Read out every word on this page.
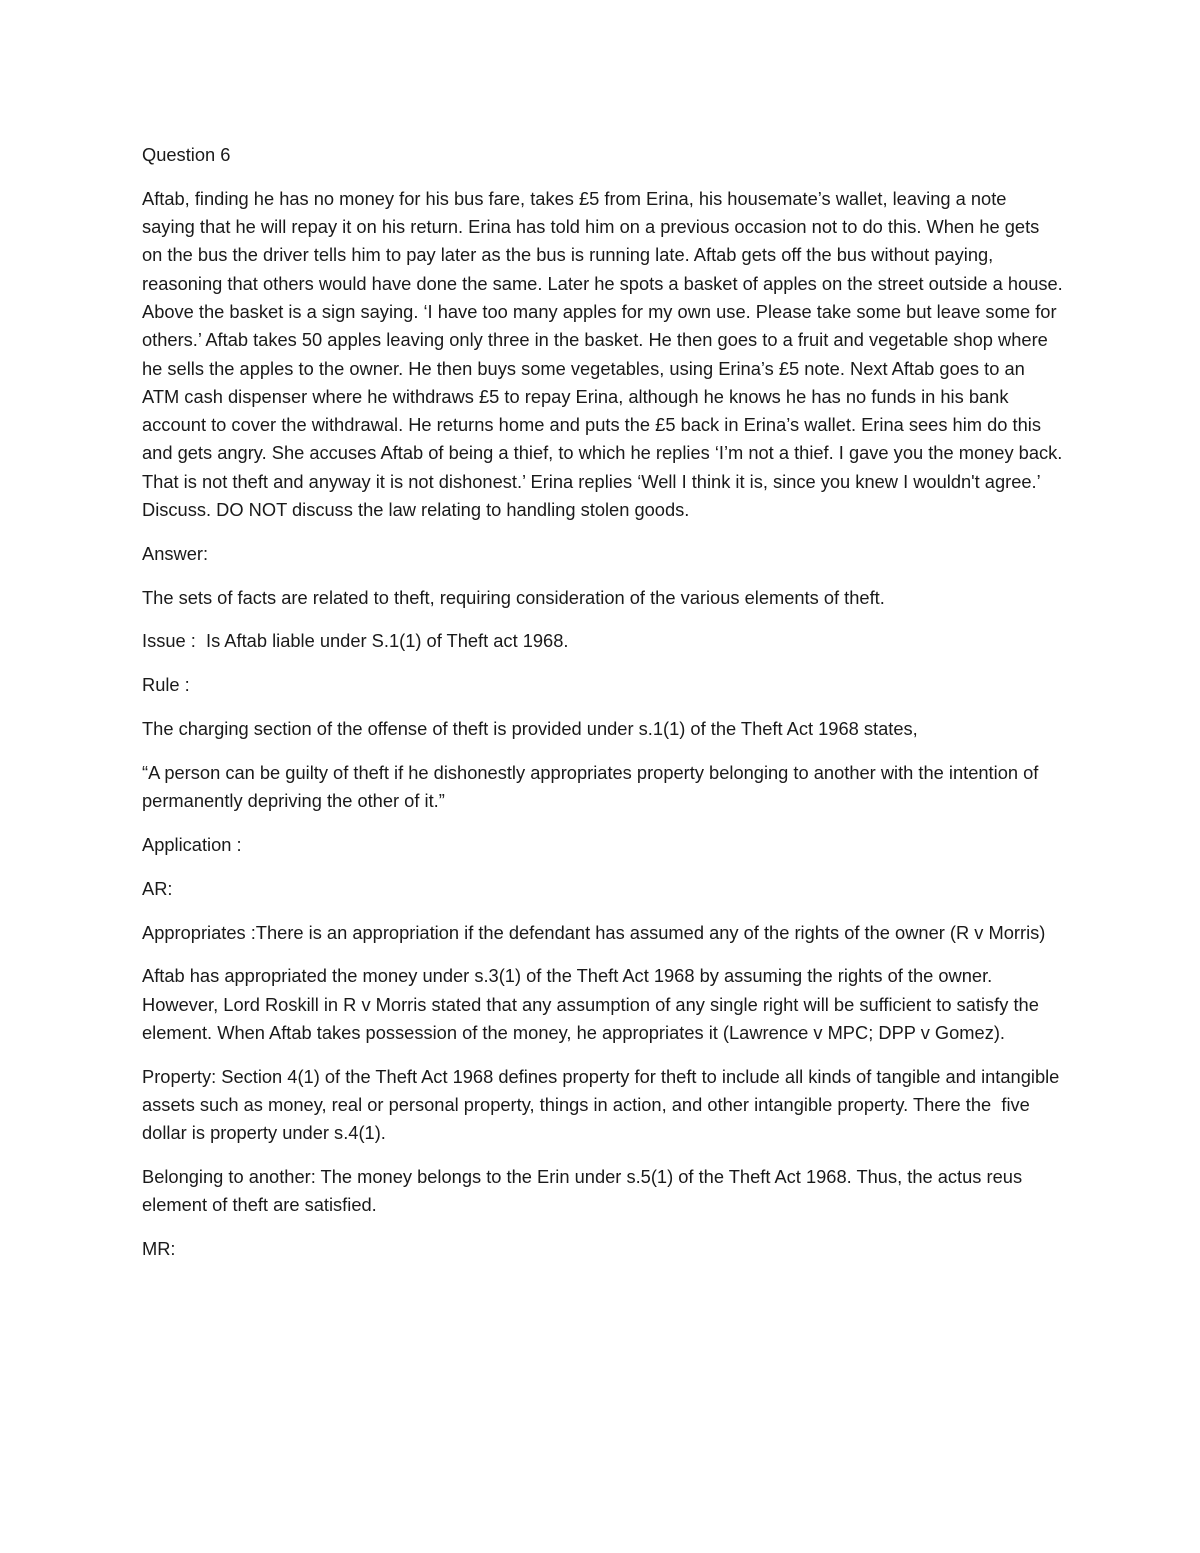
Question 6

Aftab, finding he has no money for his bus fare, takes £5 from Erina, his housemate’s wallet, leaving a note saying that he will repay it on his return. Erina has told him on a previous occasion not to do this. When he gets on the bus the driver tells him to pay later as the bus is running late. Aftab gets off the bus without paying, reasoning that others would have done the same. Later he spots a basket of apples on the street outside a house. Above the basket is a sign saying. ‘I have too many apples for my own use. Please take some but leave some for others.’ Aftab takes 50 apples leaving only three in the basket. He then goes to a fruit and vegetable shop where he sells the apples to the owner. He then buys some vegetables, using Erina’s £5 note. Next Aftab goes to an ATM cash dispenser where he withdraws £5 to repay Erina, although he knows he has no funds in his bank account to cover the withdrawal. He returns home and puts the £5 back in Erina’s wallet. Erina sees him do this and gets angry. She accuses Aftab of being a thief, to which he replies ‘I’m not a thief. I gave you the money back. That is not theft and anyway it is not dishonest.’ Erina replies ‘Well I think it is, since you knew I wouldn't agree.’ Discuss. DO NOT discuss the law relating to handling stolen goods.

Answer:

The sets of facts are related to theft, requiring consideration of the various elements of theft.

Issue :  Is Aftab liable under S.1(1) of Theft act 1968.

Rule :

The charging section of the offense of theft is provided under s.1(1) of the Theft Act 1968 states,

“A person can be guilty of theft if he dishonestly appropriates property belonging to another with the intention of permanently depriving the other of it.”

Application :

AR:

Appropriates :There is an appropriation if the defendant has assumed any of the rights of the owner (R v Morris)

Aftab has appropriated the money under s.3(1) of the Theft Act 1968 by assuming the rights of the owner. However, Lord Roskill in R v Morris stated that any assumption of any single right will be sufficient to satisfy the element. When Aftab takes possession of the money, he appropriates it (Lawrence v MPC; DPP v Gomez).

Property: Section 4(1) of the Theft Act 1968 defines property for theft to include all kinds of tangible and intangible assets such as money, real or personal property, things in action, and other intangible property. There the  five dollar is property under s.4(1).

Belonging to another: The money belongs to the Erin under s.5(1) of the Theft Act 1968. Thus, the actus reus element of theft are satisfied.

MR:
